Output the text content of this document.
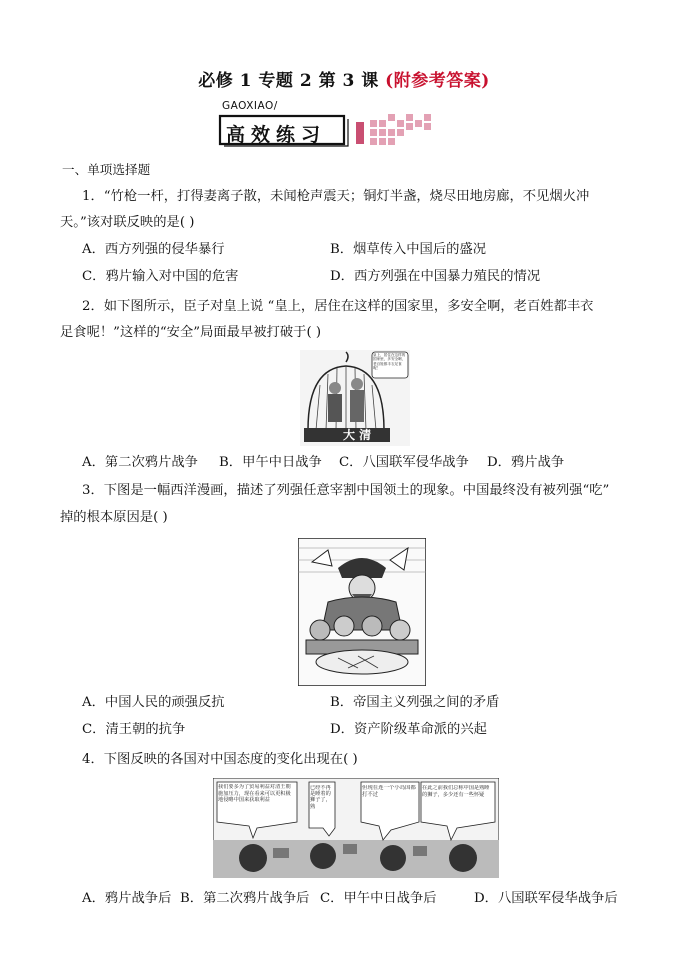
必修 1 专题 2 第 3 课 (附参考答案)
GAOXIAO/
高效练习
一、单项选择题
1．“竹枪一杆，打得妻离子散，未闻枪声震天；铜灯半盏，烧尽田地房廊，不见烟火冲
天。”该对联反映的是( )
A．西方列强的侵华暴行	B．烟草传入中国后的盛况
C．鸦片输入对中国的危害	D．西方列强在中国暴力殖民的情况
2．如下图所示，臣子对皇上说 “皇上，居住在这样的国家里，多安全啊，老百姓都丰衣
足食呢！”这样的“安全”局面最早被打破于( )
皇上，居住在这样的国家里，多安全啊，老百姓都丰衣足食呢！
大 清
A．第二次鸦片战争 B．甲午中日战争 C．八国联军侵华战争 D．鸦片战争
3．下图是一幅西洋漫画，描述了列强任意宰割中国领土的现象。中国最终没有被列强“吃”
掉的根本原因是( )
A．中国人民的顽强反抗	B．帝国主义列强之间的矛盾
C．清王朝的抗争	D．资产阶级革命派的兴起
4．下图反映的各国对中国态度的变化出现在( )
我们要多为了贸易利益对清王朝施加压力，现在看来可以更积极地侵略中国来获取利益
已经不再是睡着的狮子了，熟
但现在连一个小岛国都打不过
在此之前我们总称中国是熟睡的狮子，多少还有一些怀疑
A．鸦片战争后 B．第二次鸦片战争后 C．甲午中日战争后	D．八国联军侵华战争后
